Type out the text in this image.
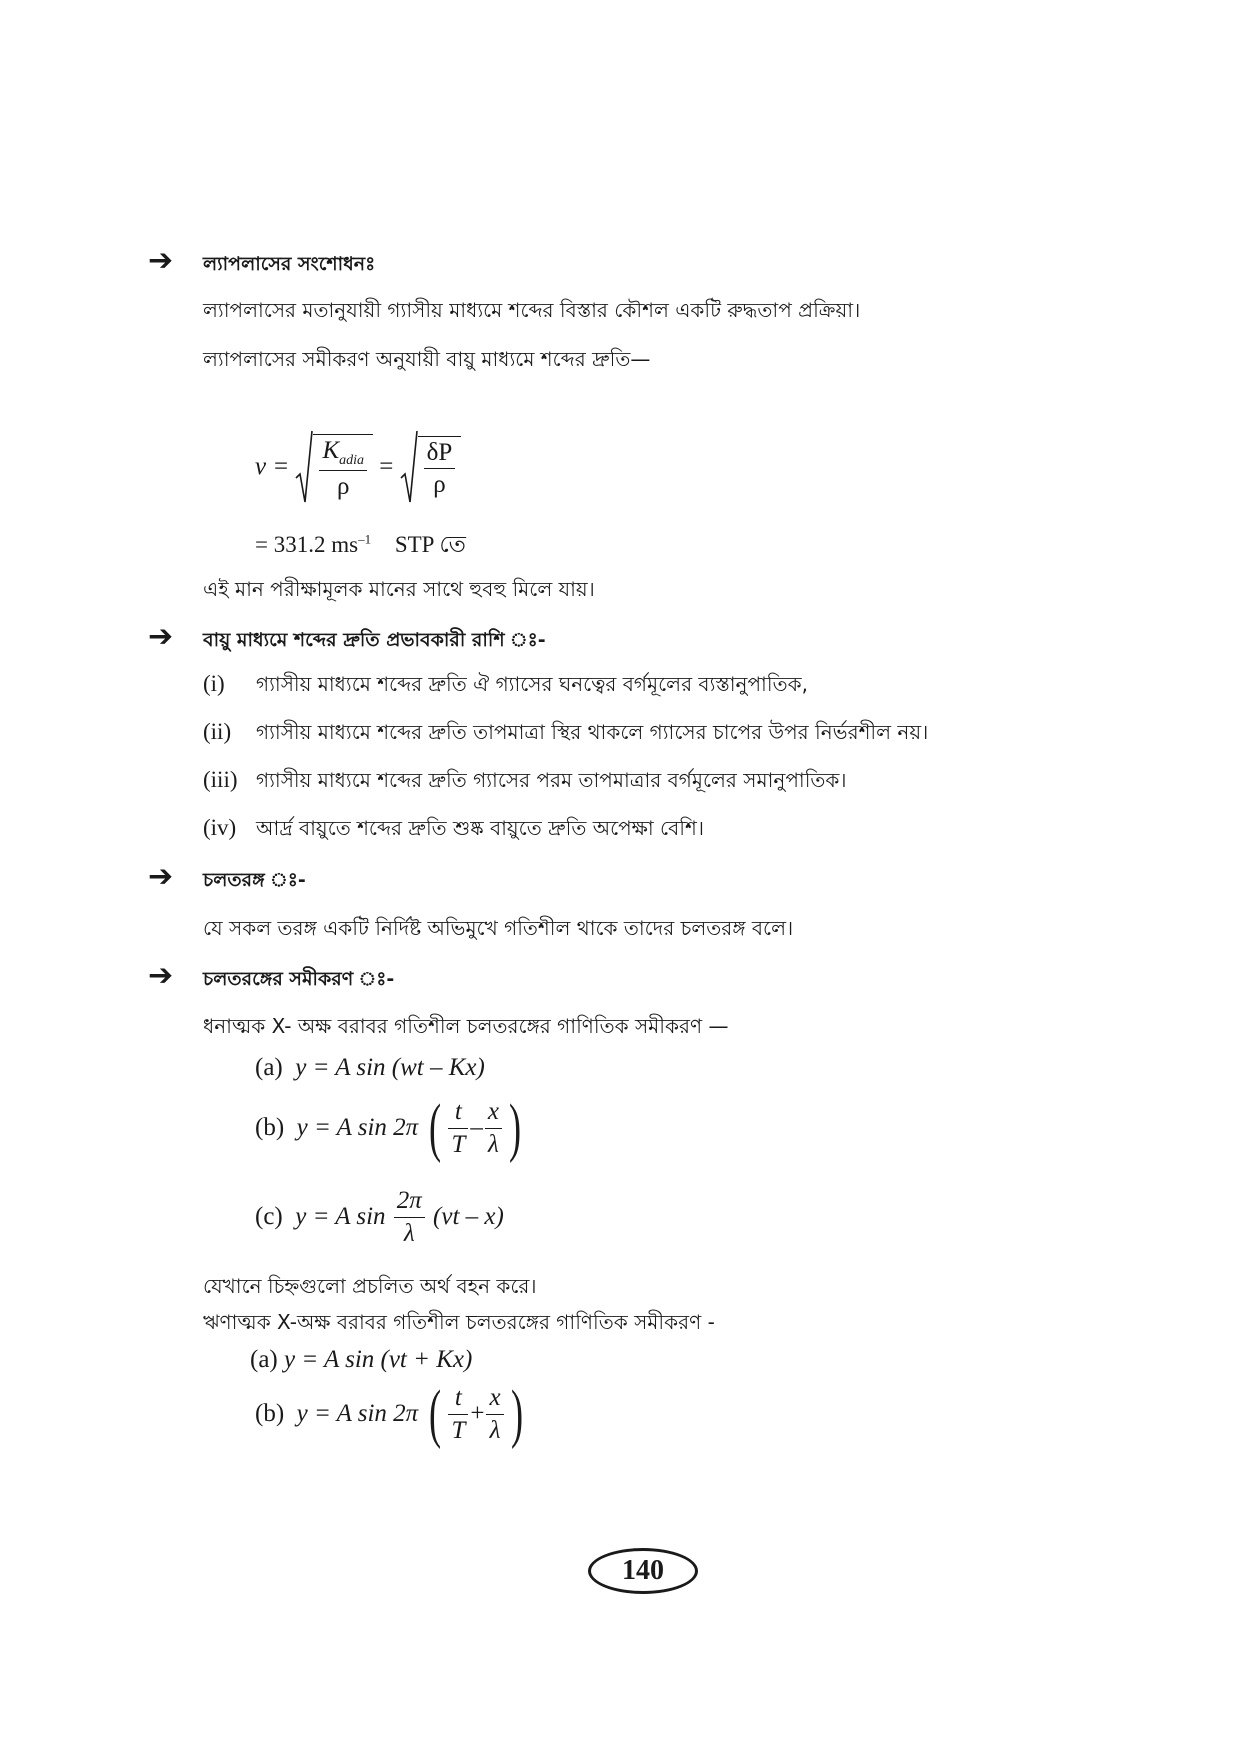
➔ ল্যাপলাসের সংশোধনঃ
ল্যাপলাসের মতানুযায়ী গ্যাসীয় মাধ্যমে শব্দের বিস্তার কৌশল একটি রুদ্ধতাপ প্রক্রিয়া।
ল্যাপলাসের সমীকরণ অনুযায়ী বায়ু মাধ্যমে শব্দের দ্রুতি—
$v = \frac{K_{adia}}{\rho} = \frac{\delta P}{\rho}$
= 331.2 $ms^{-1}$ STP তে
এই মান পরীক্ষামূলক মানের সাথে হুবহু মিলে যায়।
➔ বায়ু মাধ্যমে শব্দের দ্রুতি প্রভাবকারী রাশি ঃ-
(i) গ্যাসীয় মাধ্যমে শব্দের দ্রুতি ঐ গ্যাসের ঘনত্বের বর্গমূলের ব্যস্তানুপাতিক,
(ii) গ্যাসীয় মাধ্যমে শব্দের দ্রুতি তাপমাত্রা স্থির থাকলে গ্যাসের চাপের উপর নির্ভরশীল নয়।
(iii) গ্যাসীয় মাধ্যমে শব্দের দ্রুতি গ্যাসের পরম তাপমাত্রার বর্গমূলের সমানুপাতিক।
(iv) আর্দ্র বায়ুতে শব্দের দ্রুতি শুষ্ক বায়ুতে দ্রুতি অপেক্ষা বেশি।
➔ চলতরঙ্গ ঃ-
যে সকল তরঙ্গ একটি নির্দিষ্ট অভিমুখে গতিশীল থাকে তাদের চলতরঙ্গ বলে।
➔ চলতরঙ্গের সমীকরণ ঃ-
ধনাত্মক X- অক্ষ বরাবর গতিশীল চলতরঙ্গের গাণিতিক সমীকরণ —
(a) y = A sin (wt – Kx)
(b) y = A sin 2π ( $\frac{t}{T} - \frac{x}{\lambda}$ )
(c) y = A $\sin \frac{2\pi}{\lambda} (vt - x)$
যেখানে চিহ্নগুলো প্রচলিত অর্থ বহন করে।
ঋণাত্মক X-অক্ষ বরাবর গতিশীল চলতরঙ্গের গাণিতিক সমীকরণ -
(a) y = A sin (vt + Kx)
(b) y = A sin 2π ( $\frac{t}{T} + \frac{x}{\lambda}$ )
140
